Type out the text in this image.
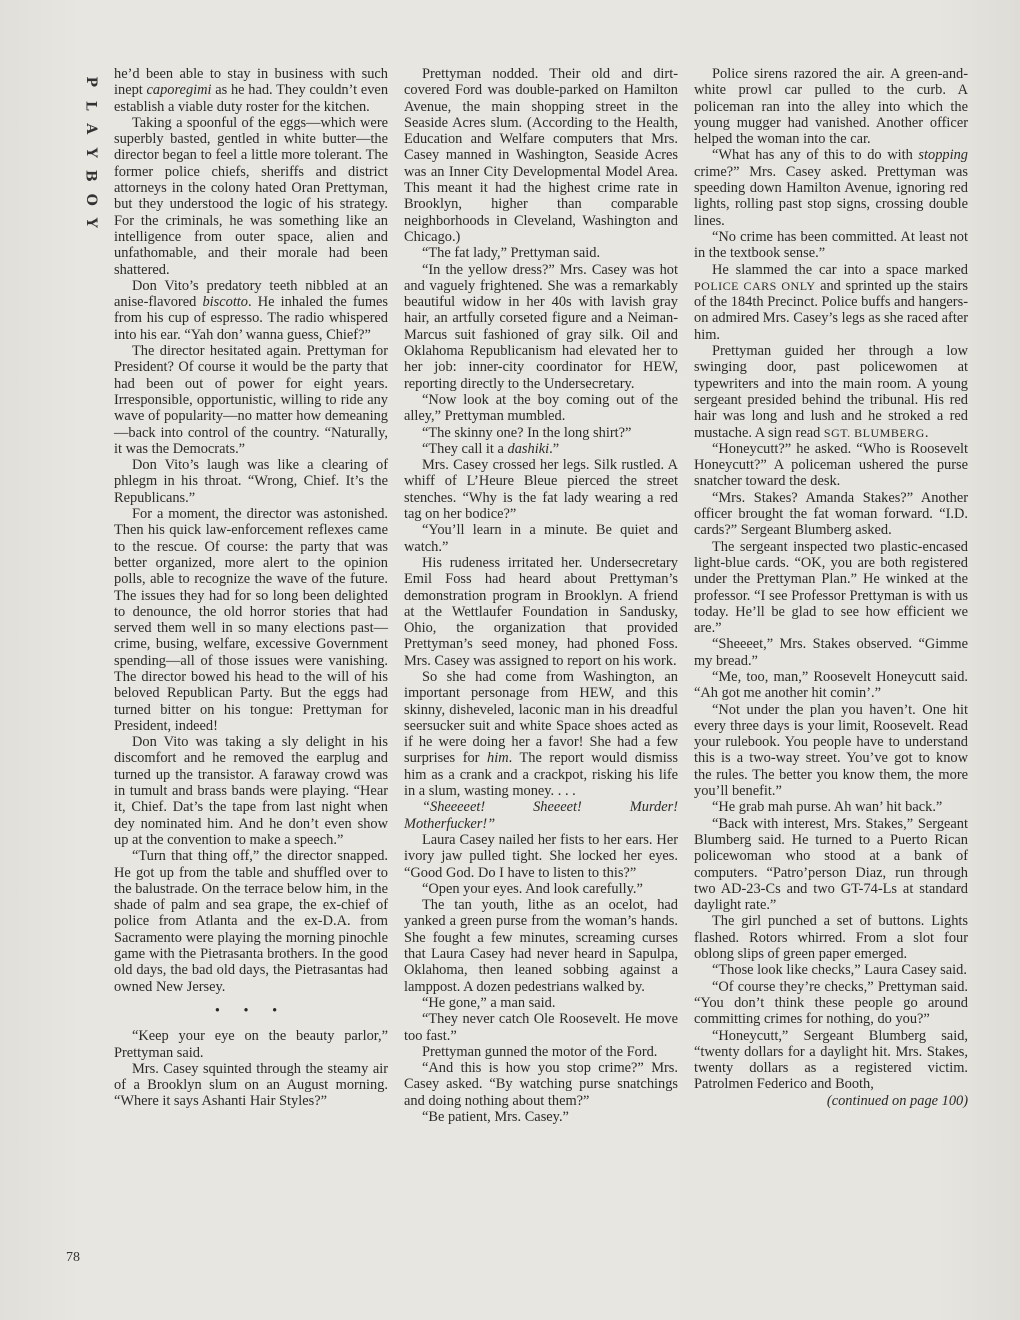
P
L
A
Y
B
O
Y

he’d been able to stay in business with such inept caporegimi as he had. They couldn’t even establish a viable duty roster for the kitchen.

Taking a spoonful of the eggs—which were superbly basted, gentled in white butter—the director began to feel a little more tolerant. The former police chiefs, sheriffs and district attorneys in the colony hated Oran Prettyman, but they understood the logic of his strategy. For the criminals, he was something like an intelligence from outer space, alien and unfathomable, and their morale had been shattered.

Don Vito’s predatory teeth nibbled at an anise-flavored biscotto. He inhaled the fumes from his cup of espresso. The radio whispered into his ear. “Yah don’ wanna guess, Chief?”

The director hesitated again. Prettyman for President? Of course it would be the party that had been out of power for eight years. Irresponsible, opportunistic, willing to ride any wave of popularity—no matter how demeaning—back into control of the country. “Naturally, it was the Democrats.”

Don Vito’s laugh was like a clearing of phlegm in his throat. “Wrong, Chief. It’s the Republicans.”

For a moment, the director was astonished. Then his quick law-enforcement reflexes came to the rescue. Of course: the party that was better organized, more alert to the opinion polls, able to recognize the wave of the future. The issues they had for so long been delighted to denounce, the old horror stories that had served them well in so many elections past—crime, busing, welfare, excessive Government spending—all of those issues were vanishing. The director bowed his head to the will of his beloved Republican Party. But the eggs had turned bitter on his tongue: Prettyman for President, indeed!

Don Vito was taking a sly delight in his discomfort and he removed the earplug and turned up the transistor. A faraway crowd was in tumult and brass bands were playing. “Hear it, Chief. Dat’s the tape from last night when dey nominated him. And he don’t even show up at the convention to make a speech.”

“Turn that thing off,” the director snapped. He got up from the table and shuffled over to the balustrade. On the terrace below him, in the shade of palm and sea grape, the ex-chief of police from Atlanta and the ex-D.A. from Sacramento were playing the morning pinochle game with the Pietrasanta brothers. In the good old days, the bad old days, the Pietrasantas had owned New Jersey.

• • •

“Keep your eye on the beauty parlor,” Prettyman said.

Mrs. Casey squinted through the steamy air of a Brooklyn slum on an August morning. “Where it says Ashanti Hair Styles?”

Prettyman nodded. Their old and dirt-covered Ford was double-parked on Hamilton Avenue, the main shopping street in the Seaside Acres slum. (According to the Health, Education and Welfare computers that Mrs. Casey manned in Washington, Seaside Acres was an Inner City Developmental Model Area. This meant it had the highest crime rate in Brooklyn, higher than comparable neighborhoods in Cleveland, Washington and Chicago.)

“The fat lady,” Prettyman said.

“In the yellow dress?” Mrs. Casey was hot and vaguely frightened. She was a remarkably beautiful widow in her 40s with lavish gray hair, an artfully corseted figure and a Neiman-Marcus suit fashioned of gray silk. Oil and Oklahoma Republicanism had elevated her to her job: inner-city coordinator for HEW, reporting directly to the Undersecretary.

“Now look at the boy coming out of the alley,” Prettyman mumbled.

“The skinny one? In the long shirt?”

“They call it a dashiki.”

Mrs. Casey crossed her legs. Silk rustled. A whiff of L’Heure Bleue pierced the street stenches. “Why is the fat lady wearing a red tag on her bodice?”

“You’ll learn in a minute. Be quiet and watch.”

His rudeness irritated her. Undersecretary Emil Foss had heard about Prettyman’s demonstration program in Brooklyn. A friend at the Wettlaufer Foundation in Sandusky, Ohio, the organization that provided Prettyman’s seed money, had phoned Foss. Mrs. Casey was assigned to report on his work.

So she had come from Washington, an important personage from HEW, and this skinny, disheveled, laconic man in his dreadful seersucker suit and white Space shoes acted as if he were doing her a favor! She had a few surprises for him. The report would dismiss him as a crank and a crackpot, risking his life in a slum, wasting money. . . .

“Sheeeeet! Sheeeet! Murder! Motherfucker!”

Laura Casey nailed her fists to her ears. Her ivory jaw pulled tight. She locked her eyes. “Good God. Do I have to listen to this?”

“Open your eyes. And look carefully.”

The tan youth, lithe as an ocelot, had yanked a green purse from the woman’s hands. She fought a few minutes, screaming curses that Laura Casey had never heard in Sapulpa, Oklahoma, then leaned sobbing against a lamppost. A dozen pedestrians walked by.

“He gone,” a man said.

“They never catch Ole Roosevelt. He move too fast.”

Prettyman gunned the motor of the Ford.

“And this is how you stop crime?” Mrs. Casey asked. “By watching purse snatchings and doing nothing about them?”

“Be patient, Mrs. Casey.”

Police sirens razored the air. A green-and-white prowl car pulled to the curb. A policeman ran into the alley into which the young mugger had vanished. Another officer helped the woman into the car.

“What has any of this to do with stopping crime?” Mrs. Casey asked. Prettyman was speeding down Hamilton Avenue, ignoring red lights, rolling past stop signs, crossing double lines.

“No crime has been committed. At least not in the textbook sense.”

He slammed the car into a space marked POLICE CARS ONLY and sprinted up the stairs of the 184th Precinct. Police buffs and hangers-on admired Mrs. Casey’s legs as she raced after him.

Prettyman guided her through a low swinging door, past policewomen at typewriters and into the main room. A young sergeant presided behind the tribunal. His red hair was long and lush and he stroked a red mustache. A sign read SGT. BLUMBERG.

“Honeycutt?” he asked. “Who is Roosevelt Honeycutt?” A policeman ushered the purse snatcher toward the desk.

“Mrs. Stakes? Amanda Stakes?” Another officer brought the fat woman forward. “I.D. cards?” Sergeant Blumberg asked.

The sergeant inspected two plastic-encased light-blue cards. “OK, you are both registered under the Prettyman Plan.” He winked at the professor. “I see Professor Prettyman is with us today. He’ll be glad to see how efficient we are.”

“Sheeeet,” Mrs. Stakes observed. “Gimme my bread.”

“Me, too, man,” Roosevelt Honeycutt said. “Ah got me another hit comin’.”

“Not under the plan you haven’t. One hit every three days is your limit, Roosevelt. Read your rulebook. You people have to understand this is a two-way street. You’ve got to know the rules. The better you know them, the more you’ll benefit.”

“He grab mah purse. Ah wan’ hit back.”

“Back with interest, Mrs. Stakes,” Sergeant Blumberg said. He turned to a Puerto Rican policewoman who stood at a bank of computers. “Patro’person Diaz, run through two AD-23-Cs and two GT-74-Ls at standard daylight rate.”

The girl punched a set of buttons. Lights flashed. Rotors whirred. From a slot four oblong slips of green paper emerged.

“Those look like checks,” Laura Casey said.

“Of course they’re checks,” Prettyman said. “You don’t think these people go around committing crimes for nothing, do you?”

“Honeycutt,” Sergeant Blumberg said, “twenty dollars for a daylight hit. Mrs. Stakes, twenty dollars as a registered victim. Patrolmen Federico and Booth,

(continued on page 100)

78
